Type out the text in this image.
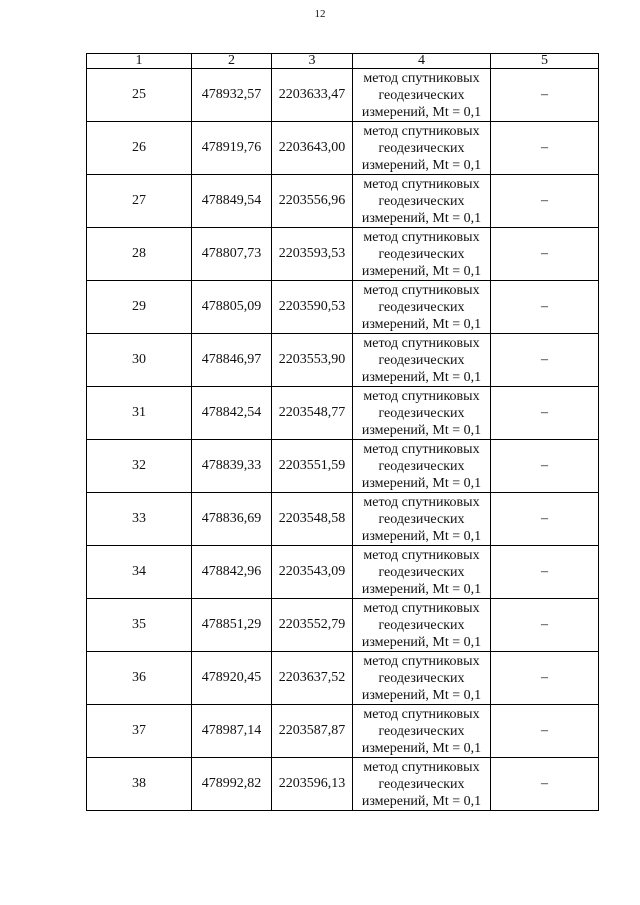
12
1	2	3	4	5
25	478932,57	2203633,47	метод спутниковых
геодезических
измерений, Mt = 0,1	–
26	478919,76	2203643,00	метод спутниковых
геодезических
измерений, Mt = 0,1	–
27	478849,54	2203556,96	метод спутниковых
геодезических
измерений, Mt = 0,1	–
28	478807,73	2203593,53	метод спутниковых
геодезических
измерений, Mt = 0,1	–
29	478805,09	2203590,53	метод спутниковых
геодезических
измерений, Mt = 0,1	–
30	478846,97	2203553,90	метод спутниковых
геодезических
измерений, Mt = 0,1	–
31	478842,54	2203548,77	метод спутниковых
геодезических
измерений, Mt = 0,1	–
32	478839,33	2203551,59	метод спутниковых
геодезических
измерений, Mt = 0,1	–
33	478836,69	2203548,58	метод спутниковых
геодезических
измерений, Mt = 0,1	–
34	478842,96	2203543,09	метод спутниковых
геодезических
измерений, Mt = 0,1	–
35	478851,29	2203552,79	метод спутниковых
геодезических
измерений, Mt = 0,1	–
36	478920,45	2203637,52	метод спутниковых
геодезических
измерений, Mt = 0,1	–
37	478987,14	2203587,87	метод спутниковых
геодезических
измерений, Mt = 0,1	–
38	478992,82	2203596,13	метод спутниковых
геодезических
измерений, Mt = 0,1	–
